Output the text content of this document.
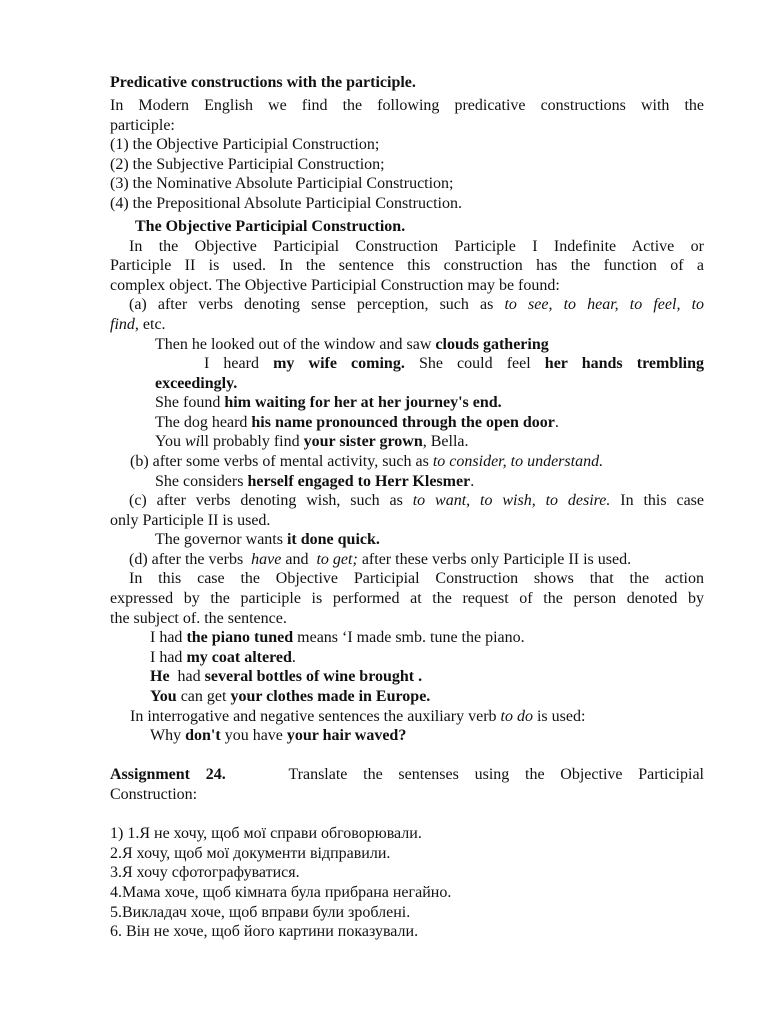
Predicative constructions with the participle.
In Modern English we find the following predicative constructions with the
participle:
(1) the Objective Participial Construction;
(2) the Subjective Participial Construction;
(3) the Nominative Absolute Participial Construction;
(4) the Prepositional Absolute Participial Construction.
The Objective Participial Construction.
In the Objective Participial Construction Participle I Indefinite Active or
Participle II is used. In the sentence this construction has the function of a
complex object. The Objective Participial Construction may be found:
(a) after verbs denoting sense perception, such as to see, to hear, to feel, to
find, etc.
Then he looked out of the window and saw clouds gathering
I heard my wife coming. She could feel her hands trembling
exceedingly.
She found him waiting for her at her journey's end.
The dog heard his name pronounced through the open door.
You will probably find your sister grown, Bella.
(b) after some verbs of mental activity, such as to consider, to understand.
She considers herself engaged to Herr Klesmer.
(c) after verbs denoting wish, such as to want, to wish, to desire. In this case
only Participle II is used.
The governor wants it done quick.
(d) after the verbs have and to get; after these verbs only Participle II is used.
In this case the Objective Participial Construction shows that the action
expressed by the participle is performed at the request of the person denoted by
the subject of. the sentence.
I had the piano tuned means ‘I made smb. tune the piano.
I had my coat altered.
He had several bottles of wine brought .
You can get your clothes made in Europe.
In interrogative and negative sentences the auxiliary verb to do is used:
Why don't you have your hair waved?
Assignment 24.	Translate the sentenses using the Objective Participial
Construction:
1) 1.Я не хочу, щоб мої справи обговорювали.
2.Я хочу, щоб мої документи відправили.
3.Я хочу сфотографуватися.
4.Мама хоче, щоб кімната була прибрана негайно.
5.Викладач хоче, щоб вправи були зроблені.
6. Він не хоче, щоб його картини показували.
